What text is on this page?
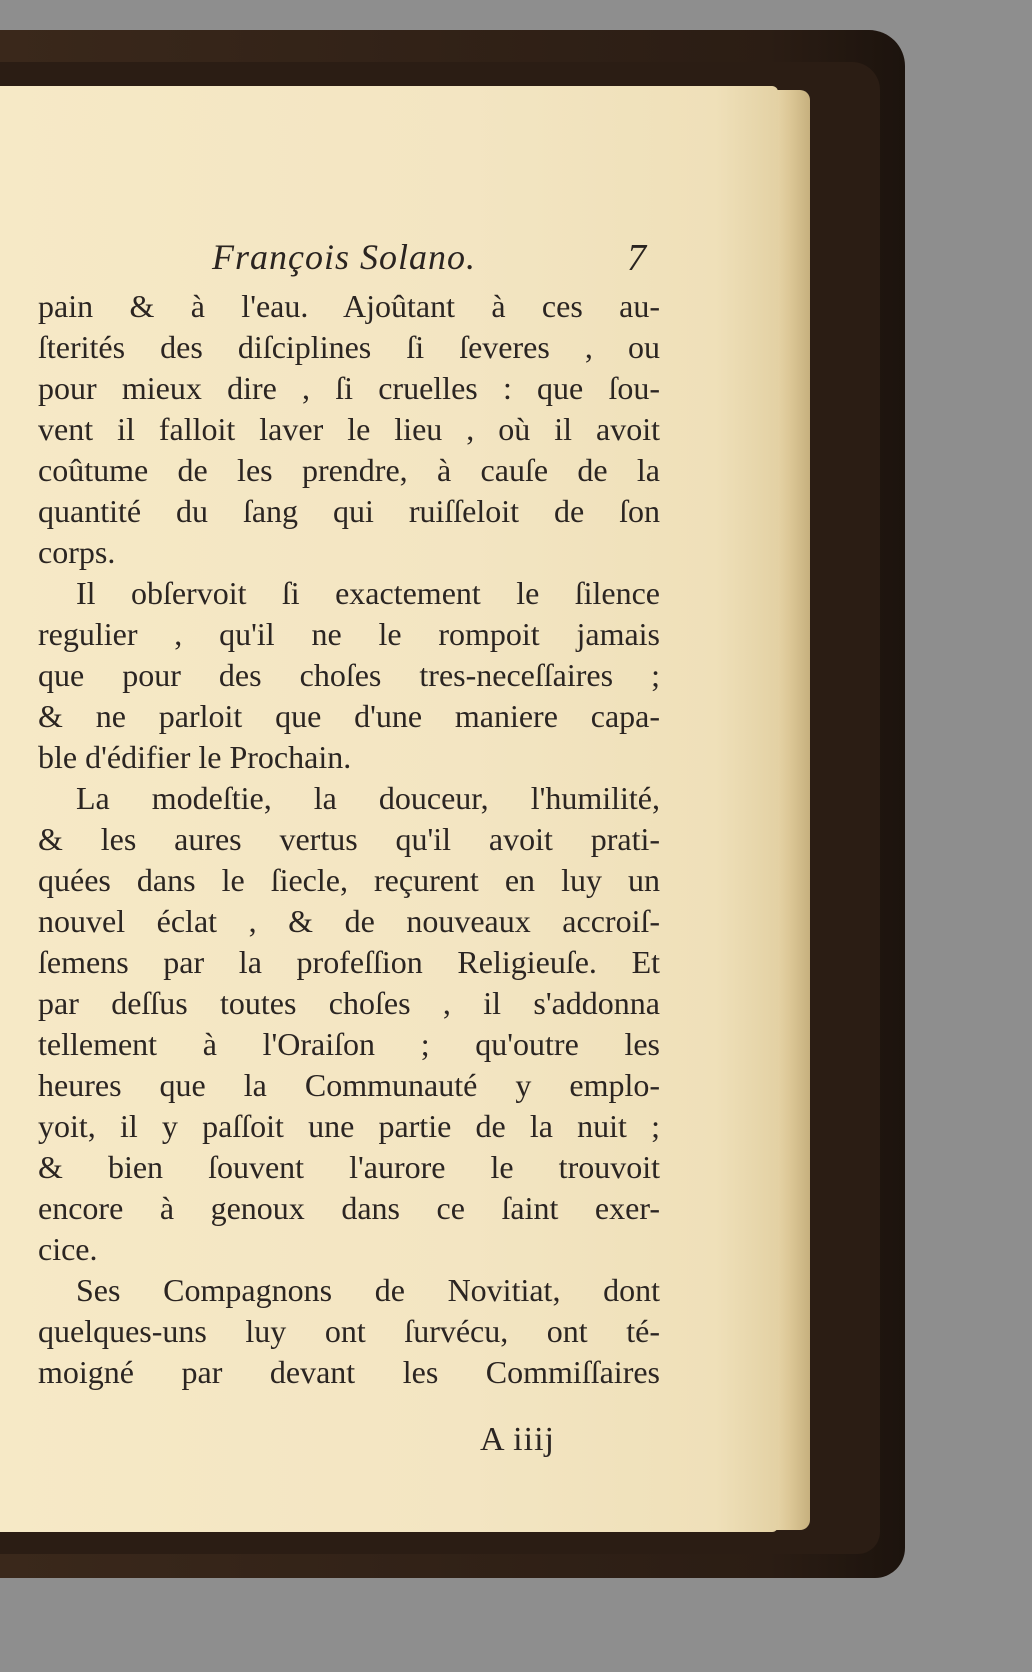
François Solano.	7
pain & à l'eau. Ajoûtant à ces au-
ſterités des diſciplines ſi ſeveres , ou
pour mieux dire , ſi cruelles : que ſou-
vent il falloit laver le lieu , où il avoit
coûtume de les prendre, à cauſe de la
quantité du ſang qui ruiſſeloit de ſon
corps.
Il obſervoit ſi exactement le ſilence
regulier , qu'il ne le rompoit jamais
que pour des choſes tres-neceſſaires ;
& ne parloit que d'une maniere capa-
ble d'édifier le Prochain.
La modeſtie, la douceur, l'humilité,
& les aures vertus qu'il avoit prati-
quées dans le ſiecle, reçurent en luy un
nouvel éclat , & de nouveaux accroiſ-
ſemens par la profeſſion Religieuſe. Et
par deſſus toutes choſes , il s'addonna
tellement à l'Oraiſon ; qu'outre les
heures que la Communauté y emplo-
yoit, il y paſſoit une partie de la nuit ;
& bien ſouvent l'aurore le trouvoit
encore à genoux dans ce ſaint exer-
cice.
Ses Compagnons de Novitiat, dont
quelques-uns luy ont ſurvécu, ont té-
moigné par devant les Commiſſaires
A iiij
